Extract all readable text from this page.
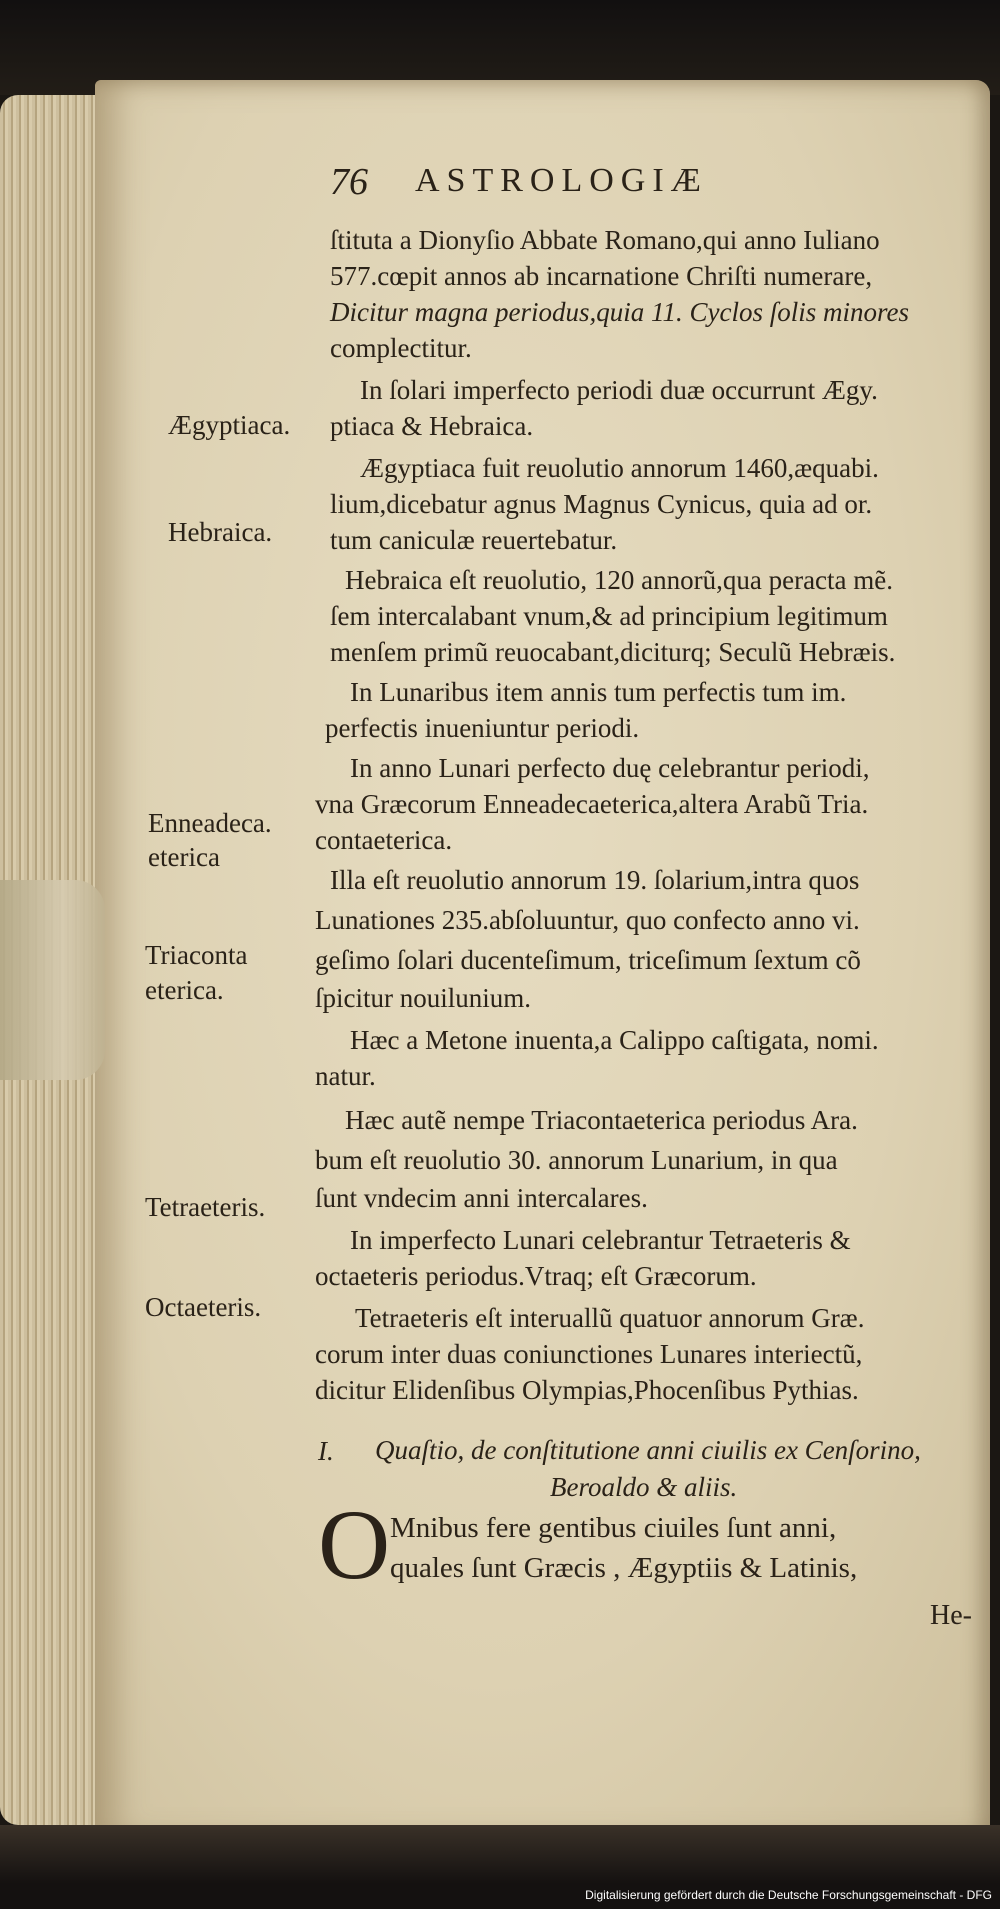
76 ASTROLOGIÆ
ſtituta a Dionyſio Abbate Romano,qui anno Iuliano
577.cœpit annos ab incarnatione Chriſti numerare,
Dicitur magna periodus,quia 11. Cyclos ſolis minores
complectitur.
In ſolari imperfecto periodi duæ occurrunt Ægy.
ptiaca & Hebraica.
Ægyptiaca fuit reuolutio annorum 1460,æquabi.
lium,dicebatur agnus Magnus Cynicus, quia ad or.
tum caniculæ reuertebatur.
Hebraica eſt reuolutio, 120 annorũ,qua peracta mẽ.
ſem intercalabant vnum,& ad principium legitimum
menſem primũ reuocabant,diciturq; Seculũ Hebræis.
In Lunaribus item annis tum perfectis tum im.
perfectis inueniuntur periodi.
In anno Lunari perfecto duę celebrantur periodi,
vna Græcorum Enneadecaeterica,altera Arabũ Tria.
contaeterica.
Illa eſt reuolutio annorum 19. ſolarium,intra quos
Lunationes 235.abſoluuntur, quo confecto anno vi.
geſimo ſolari ducenteſimum, triceſimum ſextum cõ
ſpicitur nouilunium.
Hæc a Metone inuenta,a Calippo caſtigata, nomi.
natur.
Hæc autẽ nempe Triacontaeterica periodus Ara.
bum eſt reuolutio 30. annorum Lunarium, in qua
ſunt vndecim anni intercalares.
In imperfecto Lunari celebrantur Tetraeteris &
octaeteris periodus.Vtraq; eſt Græcorum.
Tetraeteris eſt interuallũ quatuor annorum Græ.
corum inter duas coniunctiones Lunares interiectũ,
dicitur Elidenſibus Olympias,Phocenſibus Pythias.
Ægyptiaca.
Hebraica.
Enneadeca.
eterica
Triaconta
eterica.
Tetraeteris.
Octaeteris.
I. Quaſtio, de conſtitutione anni ciuilis ex Cenſorino,
Beroaldo & aliis.
O Mnibus fere gentibus ciuiles ſunt anni,
quales ſunt Græcis , Ægyptiis & Latinis,
He-
Digitalisierung gefördert durch die Deutsche Forschungsgemeinschaft - DFG
